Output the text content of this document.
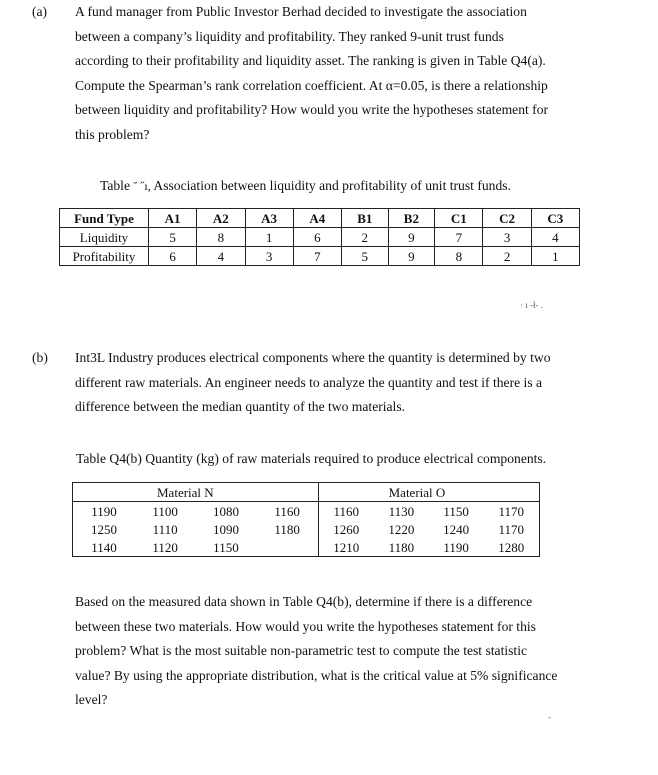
(a) A fund manager from Public Investor Berhad decided to investigate the association
between a company’s liquidity and profitability. They ranked 9-unit trust funds
according to their profitability and liquidity asset. The ranking is given in Table Q4(a).
Compute the Spearman’s rank correlation coefficient. At α=0.05, is there a relationship
between liquidity and profitability? How would you write the hypotheses statement for
this problem?
Table ˘ ˝ı, Association between liquidity and profitability of unit trust funds.
Fund Type	A1	A2	A3	A4	B1	B2	C1	C2	C3
Liquidity	5	8	1	6	2	9	7	3	4
Profitability	6	4	3	7	5	9	8	2	1
· ı -ł- .
(b) Int3L Industry produces electrical components where the quantity is determined by two
different raw materials. An engineer needs to analyze the quantity and test if there is a
difference between the median quantity of the two materials.
Table Q4(b) Quantity (kg) of raw materials required to produce electrical components.
Material N				Material O			
1190	1100	1080	1160	1160	1130	1150	1170
1250	1110	1090	1180	1260	1220	1240	1170
1140	1120	1150		1210	1180	1190	1280
Based on the measured data shown in Table Q4(b), determine if there is a difference
between these two materials. How would you write the hypotheses statement for this
problem? What is the most suitable non-parametric test to compute the test statistic
value? By using the appropriate distribution, what is the critical value at 5% significance
level?
-
